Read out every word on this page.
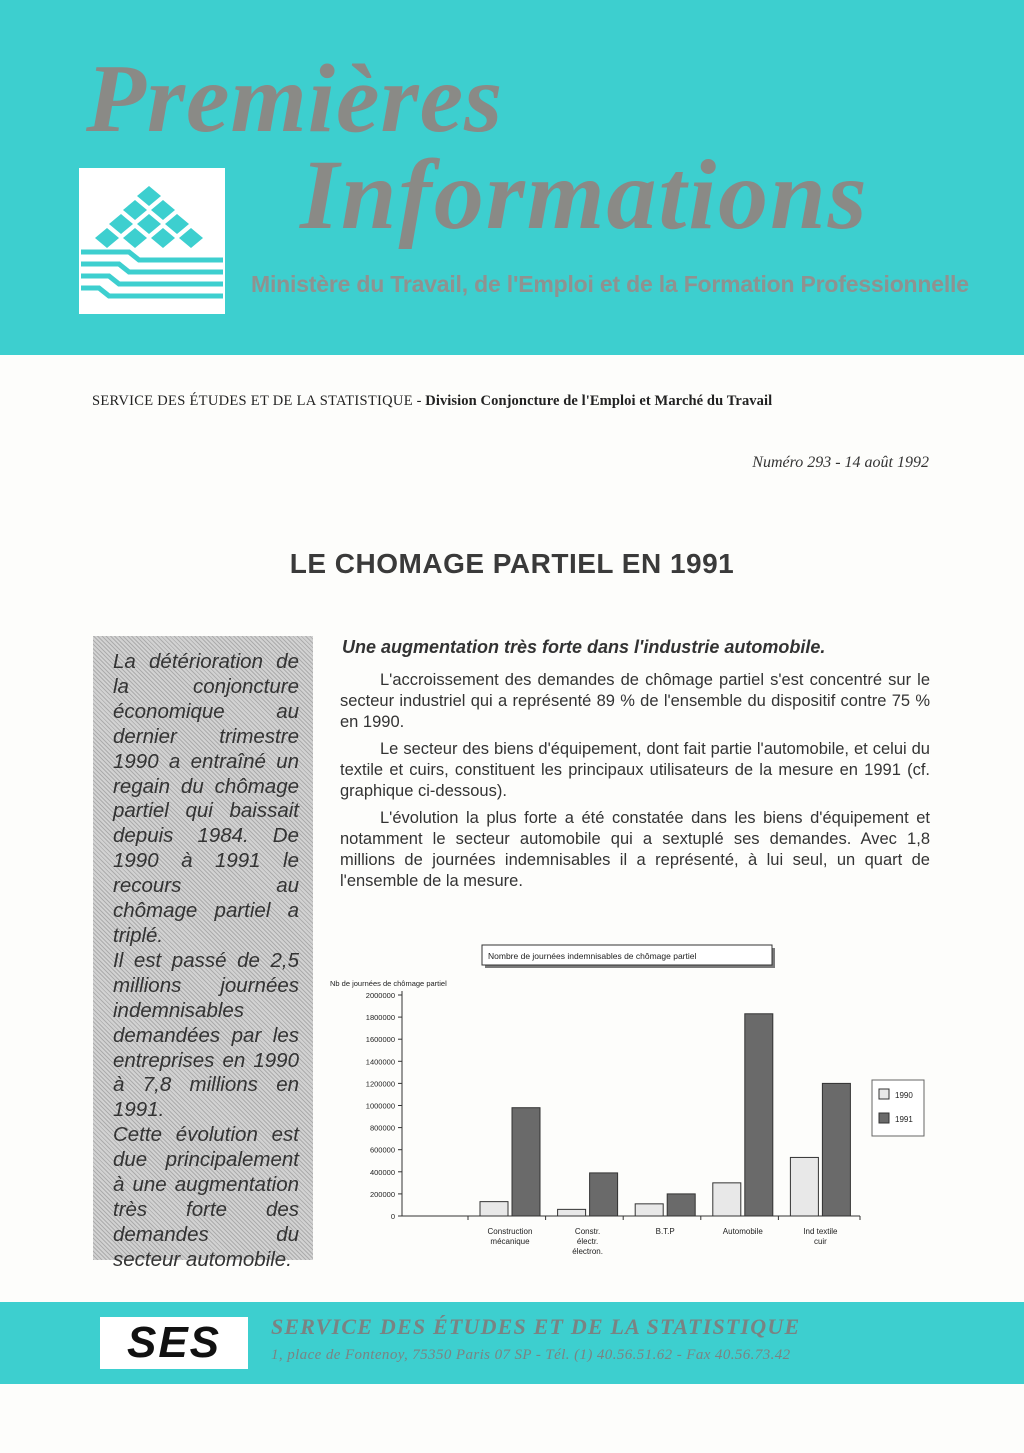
Premières
Informations
Ministère du Travail, de l'Emploi et de la Formation Professionnelle
SERVICE DES ÉTUDES ET DE LA STATISTIQUE - Division Conjoncture de l'Emploi et Marché du Travail
Numéro 293 - 14 août 1992
LE CHOMAGE PARTIEL EN 1991

La détérioration de la conjoncture économique au dernier trimestre 1990 a entraîné un regain du chômage partiel qui baissait depuis 1984. De 1990 à 1991 le recours au chômage partiel a triplé.

Il est passé de 2,5 millions journées indemnisables demandées par les entreprises en 1990 à 7,8 millions en 1991.

Cette évolution est due principalement à une augmentation très forte des demandes du secteur automobile.

Une augmentation très forte dans l'industrie automobile.

L'accroissement des demandes de chômage partiel s'est concentré sur le secteur industriel qui a représenté 89 % de l'ensemble du dispositif contre 75 % en 1990.

Le secteur des biens d'équipement, dont fait partie l'automobile, et celui du textile et cuirs, constituent les principaux utilisateurs de la mesure en 1991 (cf. graphique ci-dessous).

L'évolution la plus forte a été constatée dans les biens d'équipement et notamment le secteur automobile qui a sextuplé ses demandes. Avec 1,8 millions de journées indemnisables il a représenté, à lui seul, un quart de l'ensemble de la mesure.

Nombre de journées indemnisables de chômage partiel
Nb de journées de chômage partiel
0
200000
400000
600000
800000
1000000
1200000
1400000
1600000
1800000
2000000
Construction
mécanique
Constr.
électr.
électron.
B.T.P	Automobile	Ind textile
cuir
1990
1991
SES	SERVICE DES ÉTUDES ET DE LA STATISTIQUE
1, place de Fontenoy, 75350 Paris 07 SP - Tél. (1) 40.56.51.62 - Fax 40.56.73.42
